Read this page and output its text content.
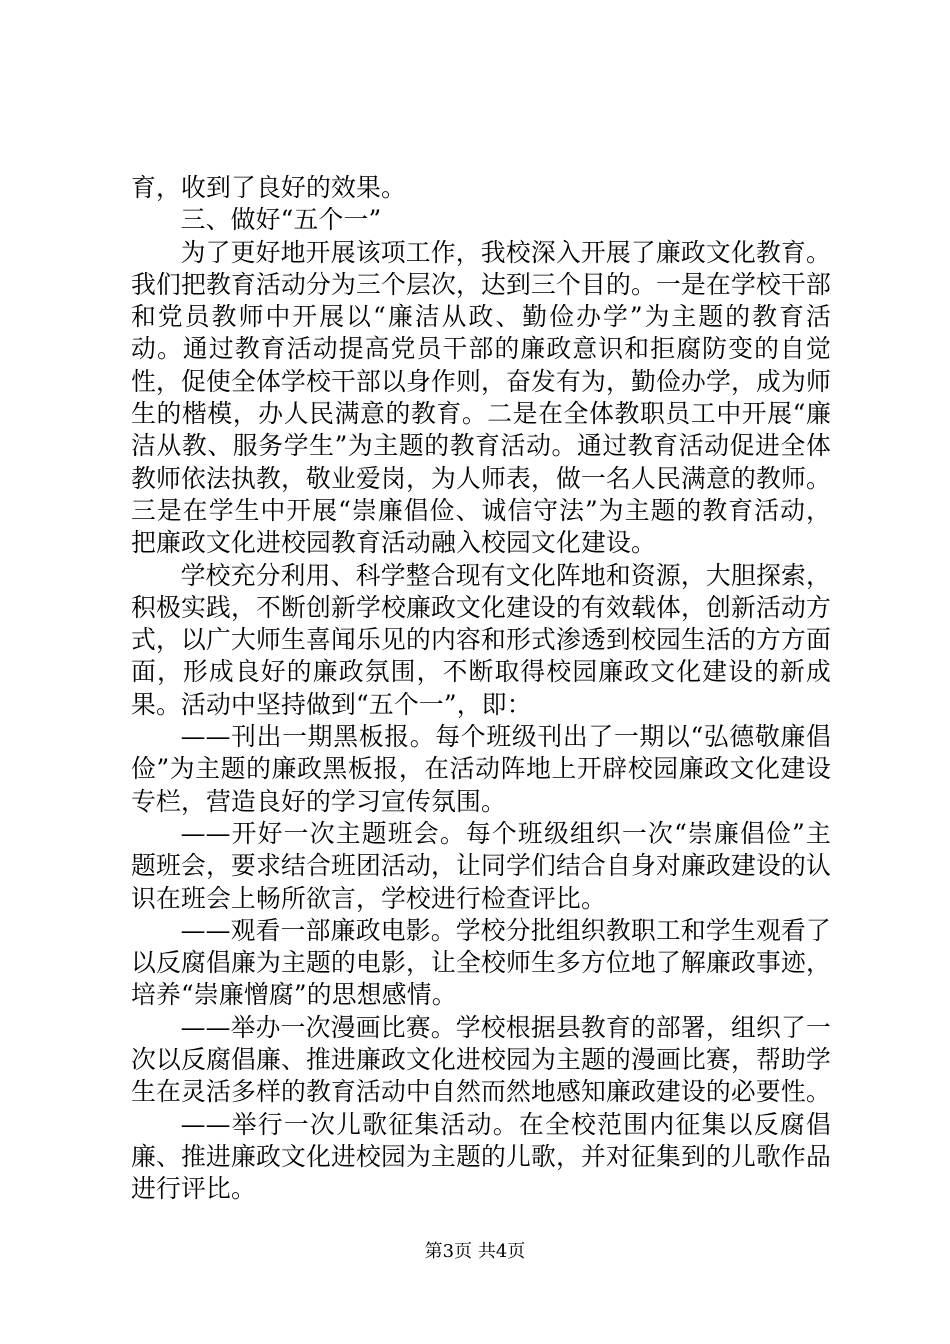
育，收到了良好的效果。

三、做好“五个一”

为了更好地开展该项工作，我校深入开展了廉政文化教育。我们把教育活动分为三个层次，达到三个目的。一是在学校干部和党员教师中开展以“廉洁从政、勤俭办学”为主题的教育活动。通过教育活动提高党员干部的廉政意识和拒腐防变的自觉性，促使全体学校干部以身作则，奋发有为，勤俭办学，成为师生的楷模，办人民满意的教育。二是在全体教职员工中开展“廉洁从教、服务学生”为主题的教育活动。通过教育活动促进全体教师依法执教，敬业爱岗，为人师表，做一名人民满意的教师。三是在学生中开展“崇廉倡俭、诚信守法”为主题的教育活动，把廉政文化进校园教育活动融入校园文化建设。

学校充分利用、科学整合现有文化阵地和资源，大胆探索，积极实践，不断创新学校廉政文化建设的有效载体，创新活动方式，以广大师生喜闻乐见的内容和形式渗透到校园生活的方方面面，形成良好的廉政氛围，不断取得校园廉政文化建设的新成果。活动中坚持做到“五个一”，即：

——刊出一期黑板报。每个班级刊出了一期以“弘德敬廉倡俭”为主题的廉政黑板报，在活动阵地上开辟校园廉政文化建设专栏，营造良好的学习宣传氛围。

——开好一次主题班会。每个班级组织一次“崇廉倡俭”主题班会，要求结合班团活动，让同学们结合自身对廉政建设的认识在班会上畅所欲言，学校进行检查评比。

——观看一部廉政电影。学校分批组织教职工和学生观看了以反腐倡廉为主题的电影，让全校师生多方位地了解廉政事迹，培养“崇廉憎腐”的思想感情。

——举办一次漫画比赛。学校根据县教育的部署，组织了一次以反腐倡廉、推进廉政文化进校园为主题的漫画比赛，帮助学生在灵活多样的教育活动中自然而然地感知廉政建设的必要性。

——举行一次儿歌征集活动。在全校范围内征集以反腐倡廉、推进廉政文化进校园为主题的儿歌，并对征集到的儿歌作品进行评比。

第3页 共4页
